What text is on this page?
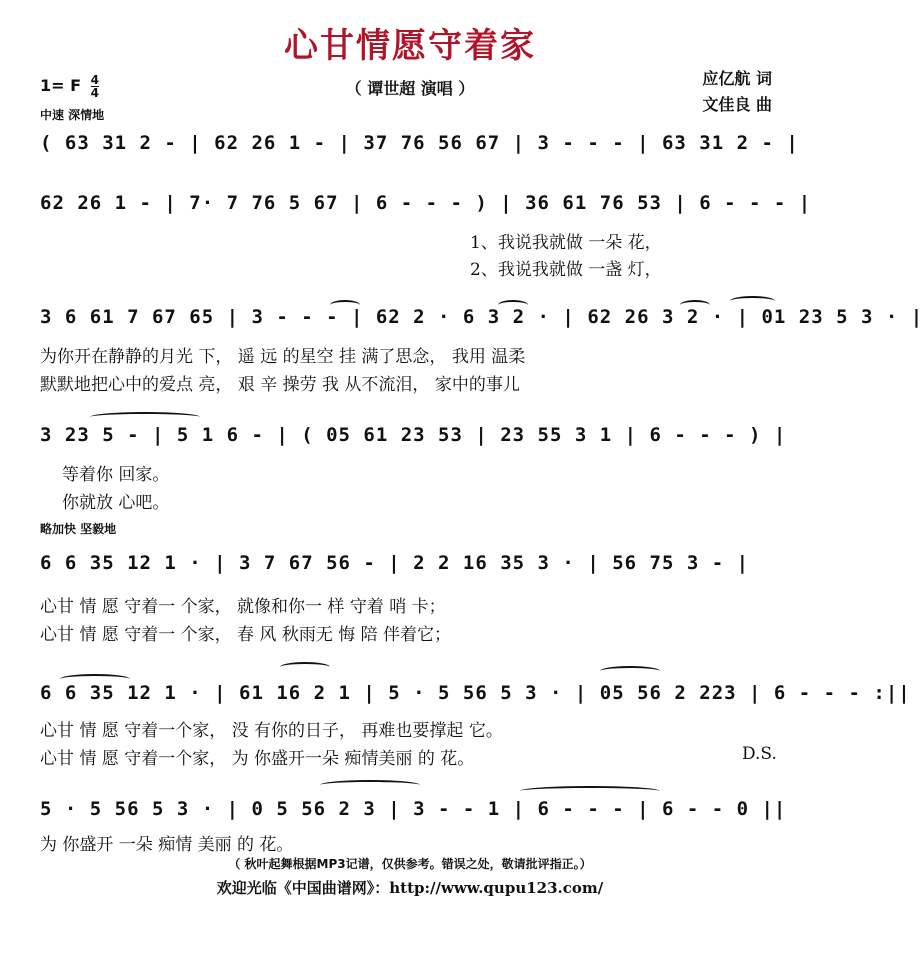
心甘情愿守着家
（ 谭世超 演唱 ）
应亿航 词
文佳良 曲
1= F $\frac{4}{4}$
中速 深情地
( 63 31 2 - | 62 26 1 - | 37 76 56 67 | 3 - - - | 63 31 2 - |
62 26 1 - | 7· 7 76 5 67 | 6 - - - ) | 36 61 76 53 | 6 - - - |
1、我说我就做 一朵 花，
2、我说我就做 一盏 灯，
3 6 61 7 67 65 | 3 - - - | 62 2 · 6 3 2 · | 62 26 3 2 · | 01 23 5 3 · |
为你开在静静的月光 下， 遥 远 的星空 挂 满了思念， 我用 温柔
默默地把心中的爱点 亮， 艰 辛 操劳 我 从不流泪， 家中的事儿
3 23 5 - | 5 1 6 - | ( 05 61 23 53 | 23 55 3 1 | 6 - - - ) |
等着你 回家。
你就放 心吧。
略加快 坚毅地
6 6 35 12 1 · | 3 7 67 56 - | 2 2 16 35 3 · | 56 75 3 - |
心甘 情 愿 守着一 个家， 就像和你一 样 守着 哨 卡；
心甘 情 愿 守着一 个家， 春 风 秋雨无 悔 陪 伴着它；
6 6 35 12 1 · | 61 16 2 1 | 5 · 5 56 5 3 · | 05 56 2 223 | 6 - - - :||
心甘 情 愿 守着一个家， 没 有你的日子， 再难也要撑起 它。
心甘 情 愿 守着一个家， 为 你盛开一朵 痴情美丽 的 花。	D.S.
5 · 5 56 5 3 · | 0 5 56 2 3 | 3 - - 1 | 6 - - - | 6 - - 0 ||
为 你盛开 一朵 痴情 美丽 的 花。
（ 秋叶起舞根据MP3记谱，仅供参考。错误之处，敬请批评指正。）
欢迎光临《中国曲谱网》：http://www.qupu123.com/
